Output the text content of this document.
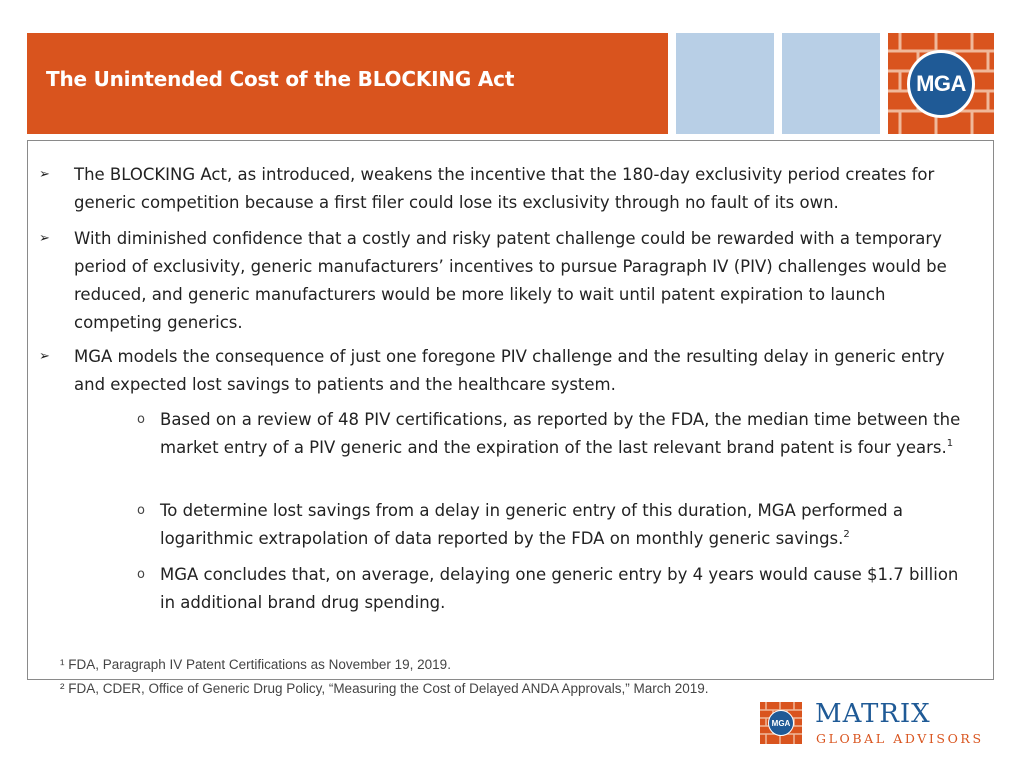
The Unintended Cost of the BLOCKING Act	MGA
➢ The BLOCKING Act, as introduced, weakens the incentive that the 180-day exclusivity period creates for generic competition because a first filer could lose its exclusivity through no fault of its own.
➢ With diminished confidence that a costly and risky patent challenge could be rewarded with a temporary period of exclusivity, generic manufacturers’ incentives to pursue Paragraph IV (PIV) challenges would be reduced, and generic manufacturers would be more likely to wait until patent expiration to launch competing generics.
➢ MGA models the consequence of just one foregone PIV challenge and the resulting delay in generic entry and expected lost savings to patients and the healthcare system.
o Based on a review of 48 PIV certifications, as reported by the FDA, the median time between the market entry of a PIV generic and the expiration of the last relevant brand patent is four years.$^1$
o To determine lost savings from a delay in generic entry of this duration, MGA performed a logarithmic extrapolation of data reported by the FDA on monthly generic savings.$^2$
o MGA concludes that, on average, delaying one generic entry by 4 years would cause $1.7 billion in additional brand drug spending.
¹ FDA, Paragraph IV Patent Certifications as November 19, 2019.
² FDA, CDER, Office of Generic Drug Policy, “Measuring the Cost of Delayed ANDA Approvals,” March 2019.
MGA MATRIX
GLOBAL ADVISORS
